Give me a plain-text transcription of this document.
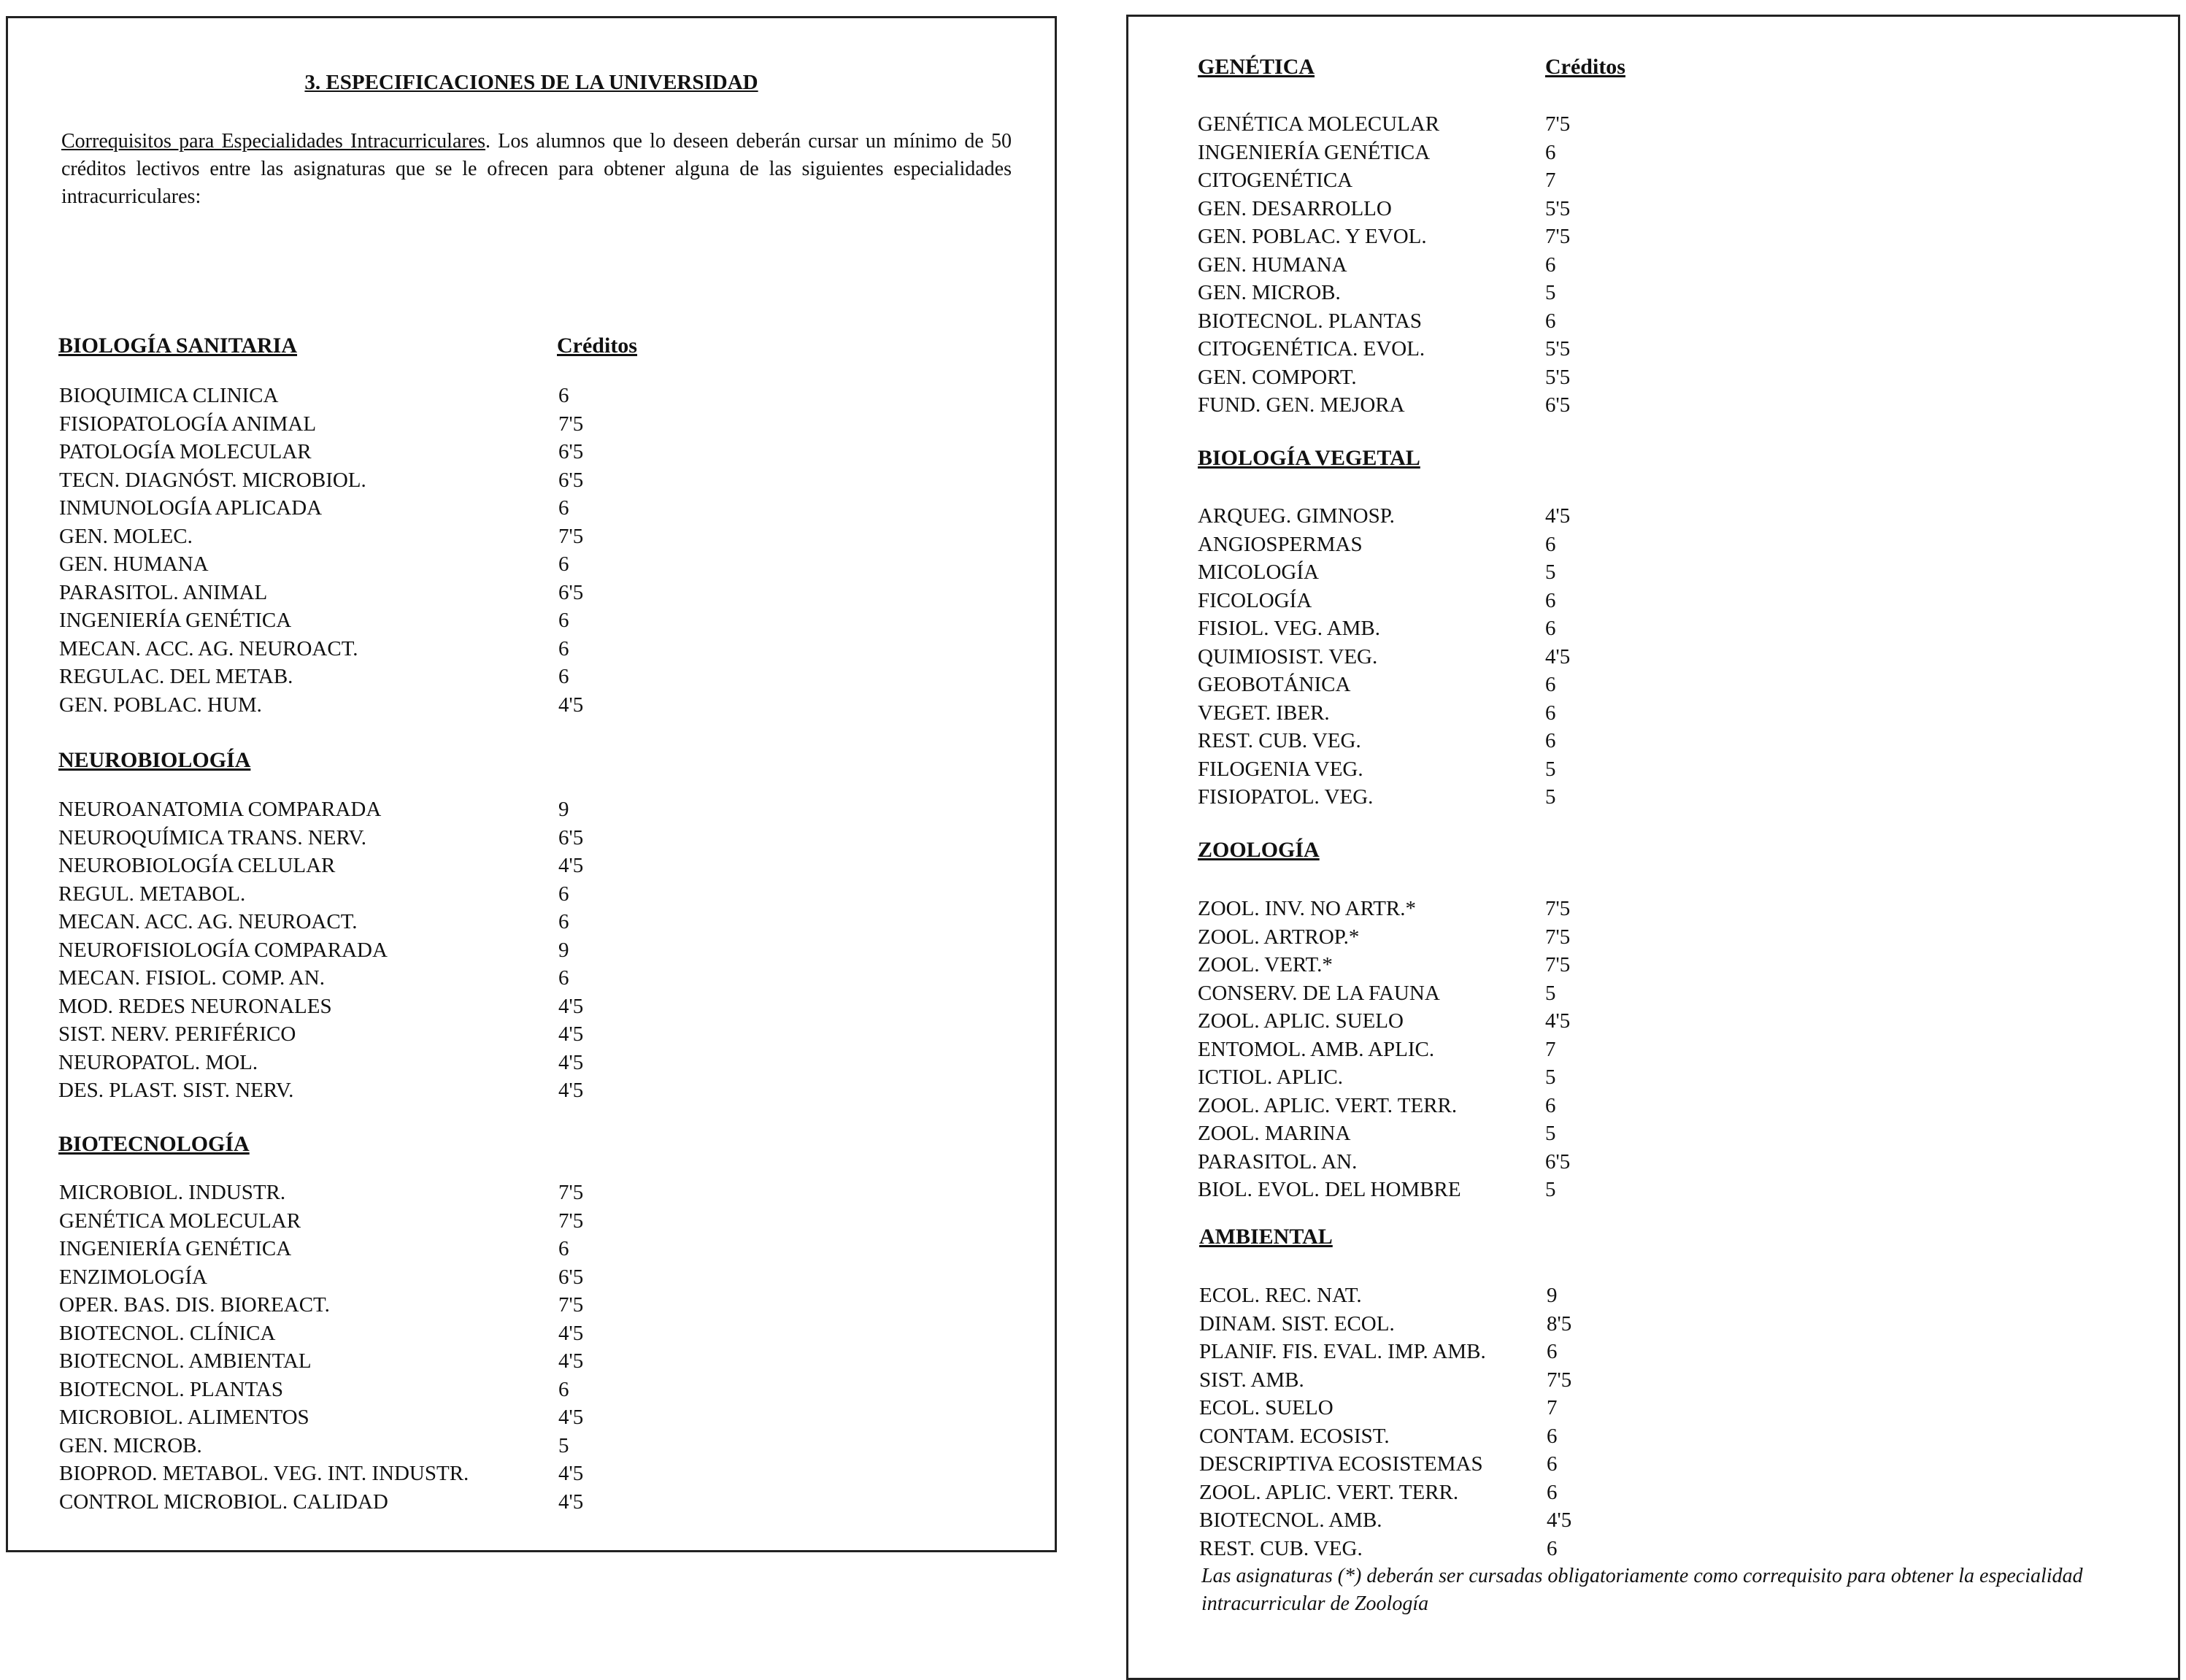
3. ESPECIFICACIONES DE LA UNIVERSIDAD

Correquisitos para Especialidades Intracurriculares. Los alumnos que lo deseen deberán cursar un mínimo de 50 créditos lectivos entre las asignaturas que se le ofrecen para obtener alguna de las siguientes especialidades intracurriculares:

BIOLOGÍA SANITARIA	Créditos
BIOQUIMICA CLINICA	6
FISIOPATOLOGÍA ANIMAL	7'5
PATOLOGÍA MOLECULAR	6'5
TECN. DIAGNÓST. MICROBIOL.	6'5
INMUNOLOGÍA APLICADA	6
GEN. MOLEC.	7'5
GEN. HUMANA	6
PARASITOL. ANIMAL	6'5
INGENIERÍA GENÉTICA	6
MECAN. ACC. AG. NEUROACT.	6
REGULAC. DEL METAB.	6
GEN. POBLAC. HUM.	4'5
NEUROBIOLOGÍA
NEUROANATOMIA COMPARADA	9
NEUROQUÍMICA TRANS. NERV.	6'5
NEUROBIOLOGÍA CELULAR	4'5
REGUL. METABOL.	6
MECAN. ACC. AG. NEUROACT.	6
NEUROFISIOLOGÍA COMPARADA	9
MECAN. FISIOL. COMP. AN.	6
MOD. REDES NEURONALES	4'5
SIST. NERV. PERIFÉRICO	4'5
NEUROPATOL. MOL.	4'5
DES. PLAST. SIST. NERV.	4'5
BIOTECNOLOGÍA
MICROBIOL. INDUSTR.	7'5
GENÉTICA MOLECULAR	7'5
INGENIERÍA GENÉTICA	6
ENZIMOLOGÍA	6'5
OPER. BAS. DIS. BIOREACT.	7'5
BIOTECNOL. CLÍNICA	4'5
BIOTECNOL. AMBIENTAL	4'5
BIOTECNOL. PLANTAS	6
MICROBIOL. ALIMENTOS	4'5
GEN. MICROB.	5
BIOPROD. METABOL. VEG. INT. INDUSTR.	4'5
CONTROL MICROBIOL. CALIDAD	4'5
GENÉTICA	Créditos
GENÉTICA MOLECULAR	7'5
INGENIERÍA GENÉTICA	6
CITOGENÉTICA	7
GEN. DESARROLLO	5'5
GEN. POBLAC. Y EVOL.	7'5
GEN. HUMANA	6
GEN. MICROB.	5
BIOTECNOL. PLANTAS	6
CITOGENÉTICA. EVOL.	5'5
GEN. COMPORT.	5'5
FUND. GEN. MEJORA	6'5
BIOLOGÍA VEGETAL
ARQUEG. GIMNOSP.	4'5
ANGIOSPERMAS	6
MICOLOGÍA	5
FICOLOGÍA	6
FISIOL. VEG. AMB.	6
QUIMIOSIST. VEG.	4'5
GEOBOTÁNICA	6
VEGET. IBER.	6
REST. CUB. VEG.	6
FILOGENIA VEG.	5
FISIOPATOL. VEG.	5
ZOOLOGÍA
ZOOL. INV. NO ARTR.*	7'5
ZOOL. ARTROP.*	7'5
ZOOL. VERT.*	7'5
CONSERV. DE LA FAUNA	5
ZOOL. APLIC. SUELO	4'5
ENTOMOL. AMB. APLIC.	7
ICTIOL. APLIC.	5
ZOOL. APLIC. VERT. TERR.	6
ZOOL. MARINA	5
PARASITOL. AN.	6'5
BIOL. EVOL. DEL HOMBRE	5
AMBIENTAL
ECOL. REC. NAT.	9
DINAM. SIST. ECOL.	8'5
PLANIF. FIS. EVAL. IMP. AMB.	6
SIST. AMB.	7'5
ECOL. SUELO	7
CONTAM. ECOSIST.	6
DESCRIPTIVA ECOSISTEMAS	6
ZOOL. APLIC. VERT. TERR.	6
BIOTECNOL. AMB.	4'5
REST. CUB. VEG.	6

Las asignaturas (*) deberán ser cursadas obligatoriamente como correquisito para obtener la especialidad intracurricular de Zoología
